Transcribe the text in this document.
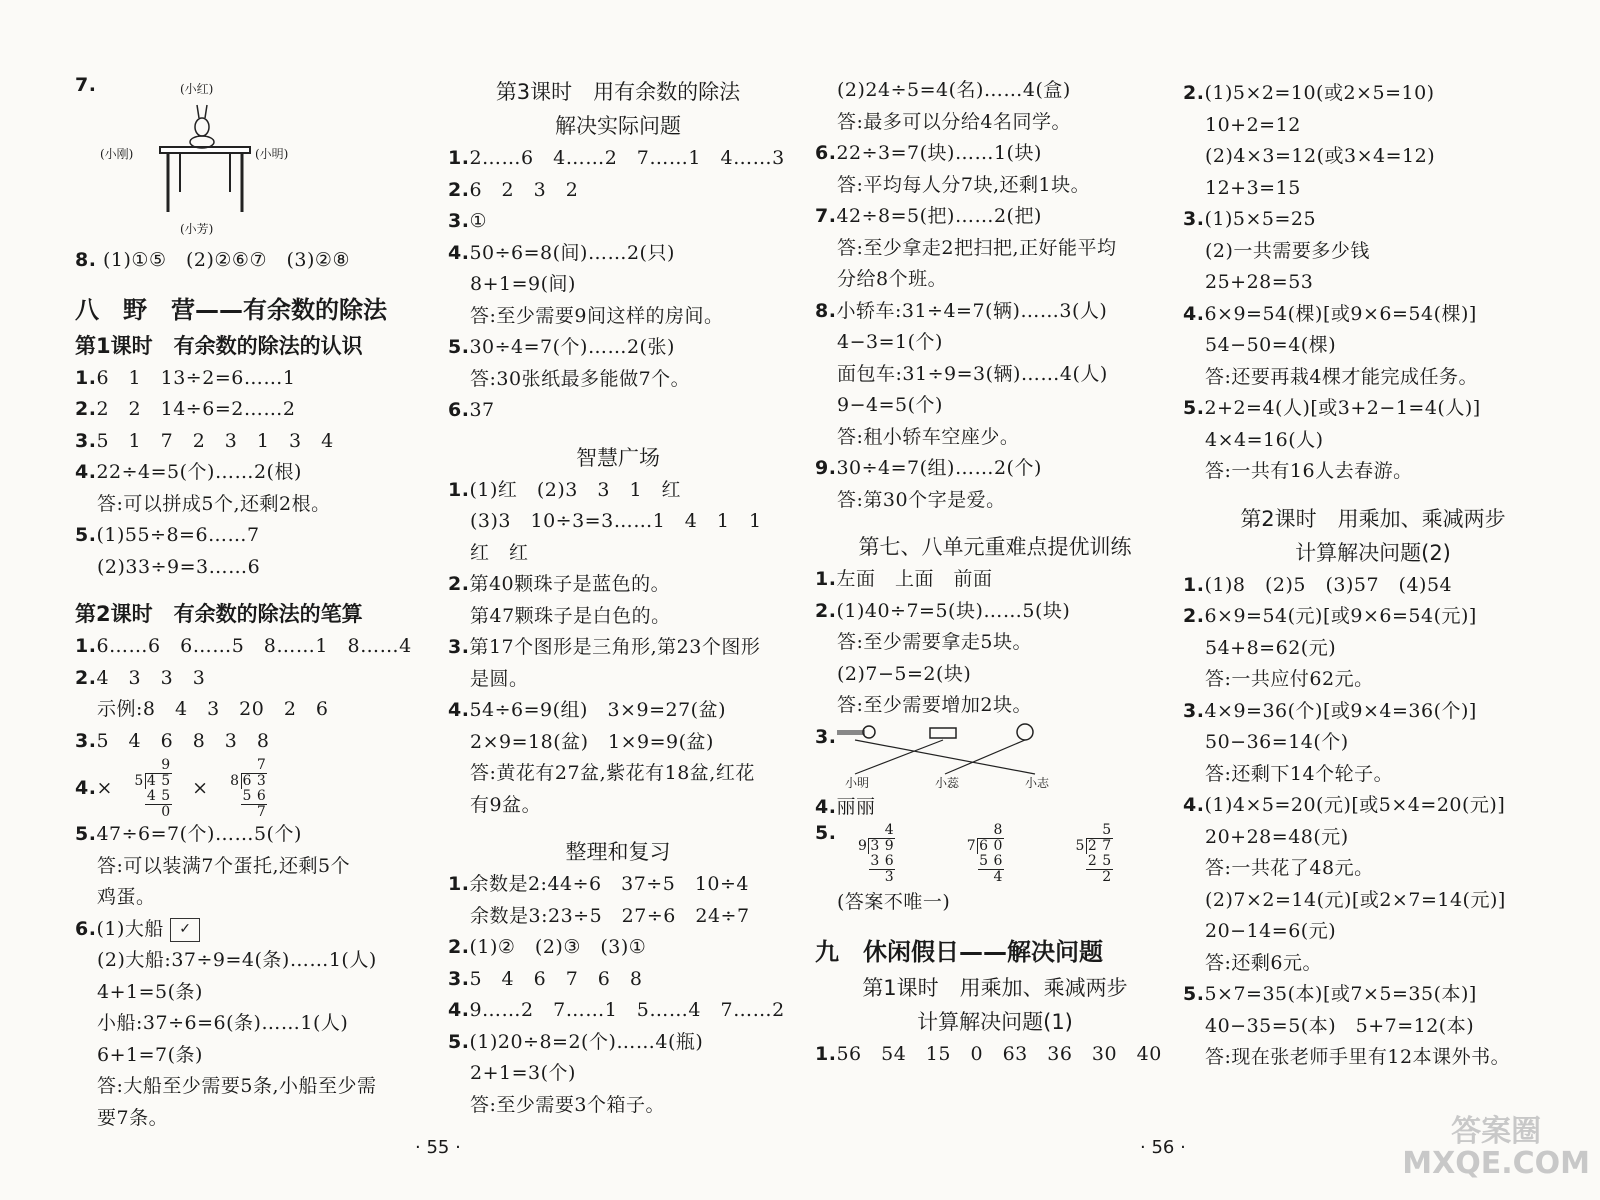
7.	(小红)
(小刚)	(小明)
(小芳)
8. (1)①⑤　(2)②⑥⑦　(3)②⑧
八　野　营——有余数的除法
第1课时　有余数的除法的认识
1.6　1　13÷2=6……1
2.2　2　14÷6=2……2
3.5　1　7　2　3　1　3　4
4.22÷4=5(个)……2(根)
答:可以拼成5个,还剩2根。
5.(1)55÷8=6……7
(2)33÷9=3……6
第2课时　有余数的除法的笔算
1.6……6　6……5　8……1　8……4
2.4　3　3　3
示例:8　4　3　20　2　6
3.5　4　6　8　3　8
4.×
	9
5	4 5
	4 5
	0
×
	7
8	6 3
	5 6
	7
5.47÷6=7(个)……5(个)
答:可以装满7个蛋托,还剩5个
鸡蛋。
6.(1)大船 ✓
(2)大船:37÷9=4(条)……1(人)
4+1=5(条)
小船:37÷6=6(条)……1(人)
6+1=7(条)
答:大船至少需要5条,小船至少需
要7条。
第3课时　用有余数的除法
解决实际问题
1.2……6　4……2　7……1　4……3
2.6　2　3　2
3.①
4.50÷6=8(间)……2(只)
8+1=9(间)
答:至少需要9间这样的房间。
5.30÷4=7(个)……2(张)
答:30张纸最多能做7个。
6.37
智慧广场
1.(1)红　(2)3　3　1　红
(3)3　10÷3=3……1　4　1　1
红　红
2.第40颗珠子是蓝色的。
第47颗珠子是白色的。
3.第17个图形是三角形,第23个图形
是圆。
4.54÷6=9(组)　3×9=27(盆)
2×9=18(盆)　1×9=9(盆)
答:黄花有27盆,紫花有18盆,红花
有9盆。
整理和复习
1.余数是2:44÷6　37÷5　10÷4
余数是3:23÷5　27÷6　24÷7
2.(1)②　(2)③　(3)①
3.5　4　6　7　6　8
4.9……2　7……1　5……4　7……2
5.(1)20÷8=2(个)……4(瓶)
2+1=3(个)
答:至少需要3个箱子。
· 55 ·
(2)24÷5=4(名)……4(盒)
答:最多可以分给4名同学。
6.22÷3=7(块)……1(块)
答:平均每人分7块,还剩1块。
7.42÷8=5(把)……2(把)
答:至少拿走2把扫把,正好能平均
分给8个班。
8.小轿车:31÷4=7(辆)……3(人)
4−3=1(个)
面包车:31÷9=3(辆)……4(人)
9−4=5(个)
答:租小轿车空座少。
9.30÷4=7(组)……2(个)
答:第30个字是爱。
第七、八单元重难点提优训练
1.左面　上面　前面
2.(1)40÷7=5(块)……5(块)
答:至少需要拿走5块。
(2)7−5=2(块)
答:至少需要增加2块。
3.
小明	小蕊	小志
4.丽丽
5.
		4
9	3 9
	3 6
	3

	8
7	6 0
	5 6
	4

	5
5	2 7
	2 5
	2
(答案不唯一)
九　休闲假日——解决问题
第1课时　用乘加、乘减两步
计算解决问题(1)
1.56　54　15　0　63　36　30　40
2.(1)5×2=10(或2×5=10)
10+2=12
(2)4×3=12(或3×4=12)
12+3=15
3.(1)5×5=25
(2)一共需要多少钱
25+28=53
4.6×9=54(棵)[或9×6=54(棵)]
54−50=4(棵)
答:还要再栽4棵才能完成任务。
5.2+2=4(人)[或3+2−1=4(人)]
4×4=16(人)
答:一共有16人去春游。
第2课时　用乘加、乘减两步
计算解决问题(2)
1.(1)8　(2)5　(3)57　(4)54
2.6×9=54(元)[或9×6=54(元)]
54+8=62(元)
答:一共应付62元。
3.4×9=36(个)[或9×4=36(个)]
50−36=14(个)
答:还剩下14个轮子。
4.(1)4×5=20(元)[或5×4=20(元)]
20+28=48(元)
答:一共花了48元。
(2)7×2=14(元)[或2×7=14(元)]
20−14=6(元)
答:还剩6元。
5.5×7=35(本)[或7×5=35(本)]
40−35=5(本)　5+7=12(本)
答:现在张老师手里有12本课外书。
· 56 ·	答案圈
MXQE.COM
